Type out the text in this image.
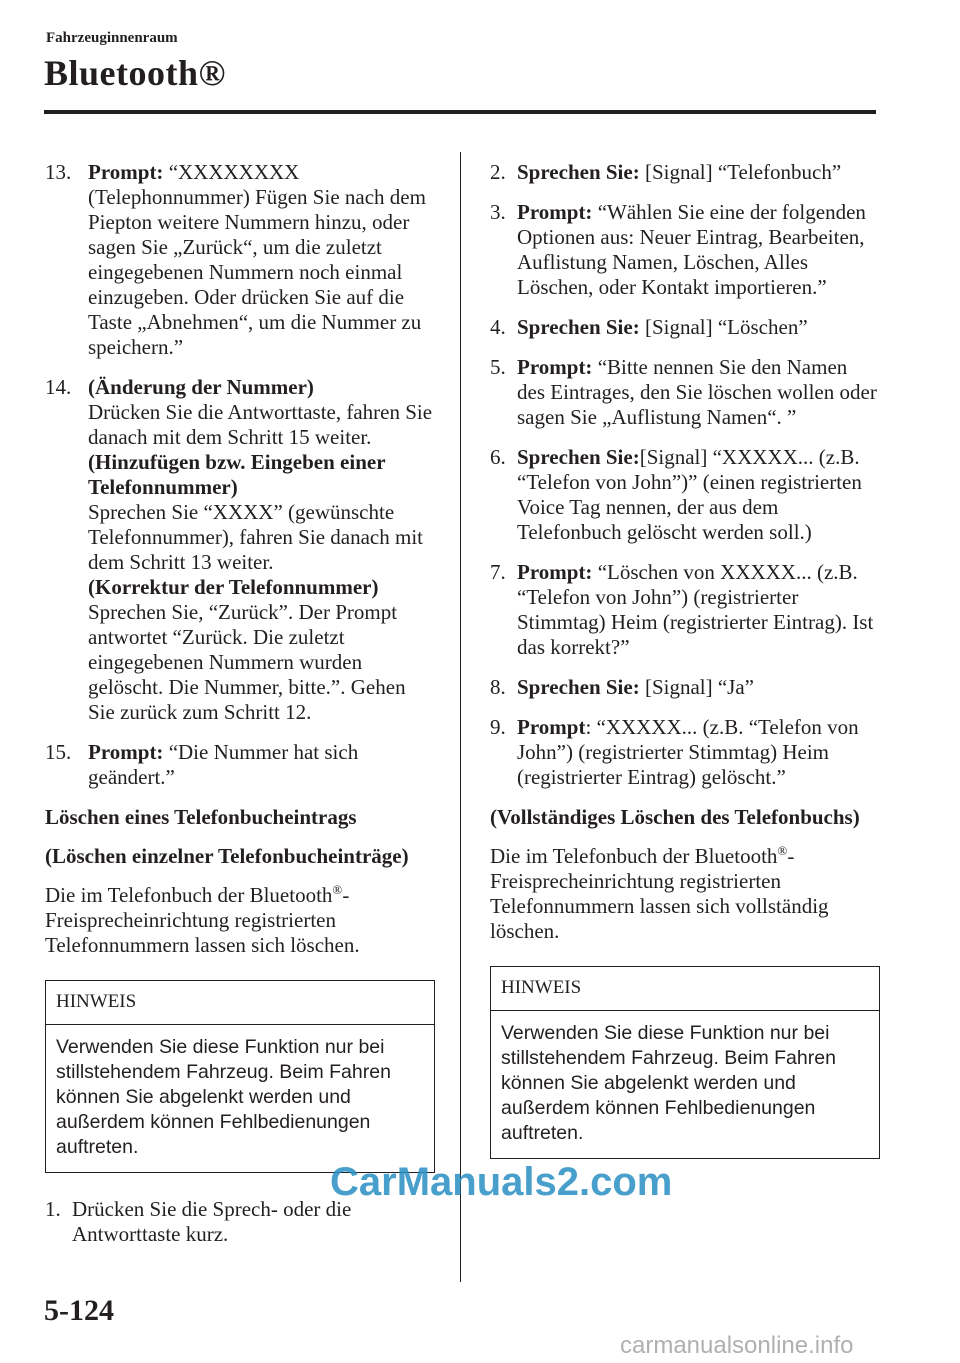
Fahrzeuginnenraum
Bluetooth®
13. Prompt: “XXXXXXXX (Telephonnummer) Fügen Sie nach dem Piepton weitere Nummern hinzu, oder sagen Sie „Zurück“, um die zuletzt eingegebenen Nummern noch einmal einzugeben. Oder drücken Sie auf die Taste „Abnehmen“, um die Nummer zu speichern.”
14. (Änderung der Nummer)
Drücken Sie die Antworttaste, fahren Sie danach mit dem Schritt 15 weiter.
(Hinzufügen bzw. Eingeben einer Telefonnummer)
Sprechen Sie “XXXX” (gewünschte Telefonnummer), fahren Sie danach mit dem Schritt 13 weiter.
(Korrektur der Telefonnummer)
Sprechen Sie, “Zurück”. Der Prompt antwortet “Zurück. Die zuletzt eingegebenen Nummern wurden gelöscht. Die Nummer, bitte.”. Gehen Sie zurück zum Schritt 12.
15. Prompt: “Die Nummer hat sich geändert.”
Löschen eines Telefonbucheintrags
(Löschen einzelner Telefonbucheinträge)
Die im Telefonbuch der Bluetooth®-Freisprecheinrichtung registrierten Telefonnummern lassen sich löschen.
HINWEIS
Verwenden Sie diese Funktion nur bei stillstehendem Fahrzeug. Beim Fahren können Sie abgelenkt werden und außerdem können Fehlbedienungen auftreten.
1. Drücken Sie die Sprech- oder die Antworttaste kurz.
2. Sprechen Sie: [Signal] “Telefonbuch”
3. Prompt: “Wählen Sie eine der folgenden Optionen aus: Neuer Eintrag, Bearbeiten, Auflistung Namen, Löschen, Alles Löschen, oder Kontakt importieren.”
4. Sprechen Sie: [Signal] “Löschen”
5. Prompt: “Bitte nennen Sie den Namen des Eintrages, den Sie löschen wollen oder sagen Sie „Auflistung Namen“. ”
6. Sprechen Sie:[Signal] “XXXXX... (z.B. “Telefon von John”)” (einen registrierten Voice Tag nennen, der aus dem Telefonbuch gelöscht werden soll.)
7. Prompt: “Löschen von XXXXX... (z.B. “Telefon von John”) (registrierter Stimmtag) Heim (registrierter Eintrag). Ist das korrekt?”
8. Sprechen Sie: [Signal] “Ja”
9. Prompt: “XXXXX... (z.B. “Telefon von John”) (registrierter Stimmtag) Heim (registrierter Eintrag) gelöscht.”
(Vollständiges Löschen des Telefonbuchs)
Die im Telefonbuch der Bluetooth®-Freisprecheinrichtung registrierten Telefonnummern lassen sich vollständig löschen.
HINWEIS
Verwenden Sie diese Funktion nur bei stillstehendem Fahrzeug. Beim Fahren können Sie abgelenkt werden und außerdem können Fehlbedienungen auftreten.
5-124
CarManuals2.com
carmanualsonline.info
